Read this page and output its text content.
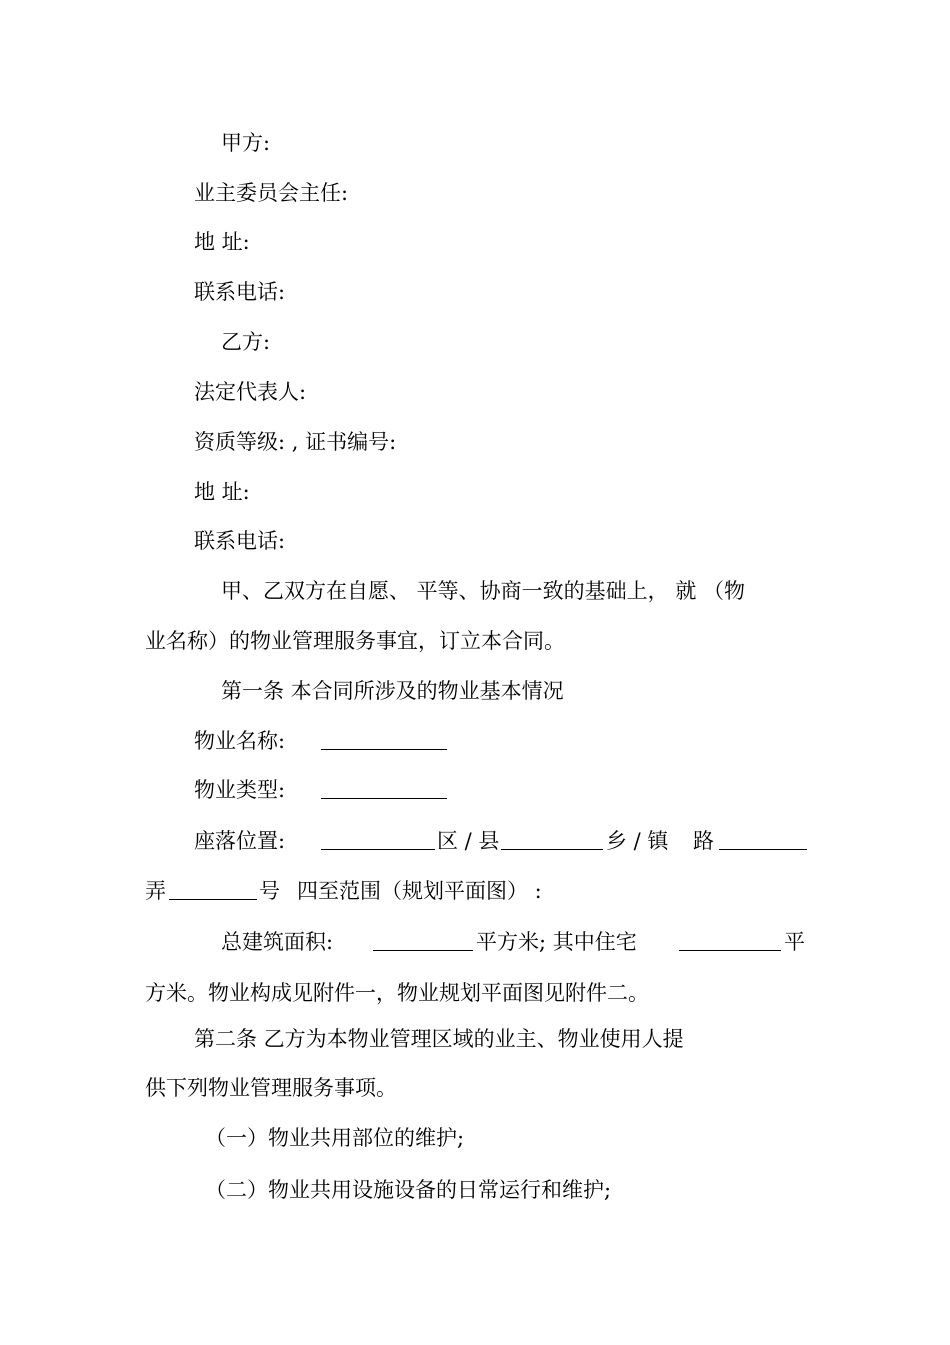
甲方:
业主委员会主任:
地 址:
联系电话:
乙方:
法定代表人:
资质等级: , 证书编号:
地 址:
联系电话:
甲、乙双方在自愿、 平等、协商一致的基础上， 就 （物
业名称）的物业管理服务事宜，订立本合同。
第一条 本合同所涉及的物业基本情况
物业名称:
物业类型:
座落位置:	区 / 县	乡 / 镇 路
弄	号 四至范围（规划平面图） :
总建筑面积:	平方米; 其中住宅	平
方米。物业构成见附件一，物业规划平面图见附件二。
第二条 乙方为本物业管理区域的业主、物业使用人提
供下列物业管理服务事项。
（一）物业共用部位的维护;
（二）物业共用设施设备的日常运行和维护;
